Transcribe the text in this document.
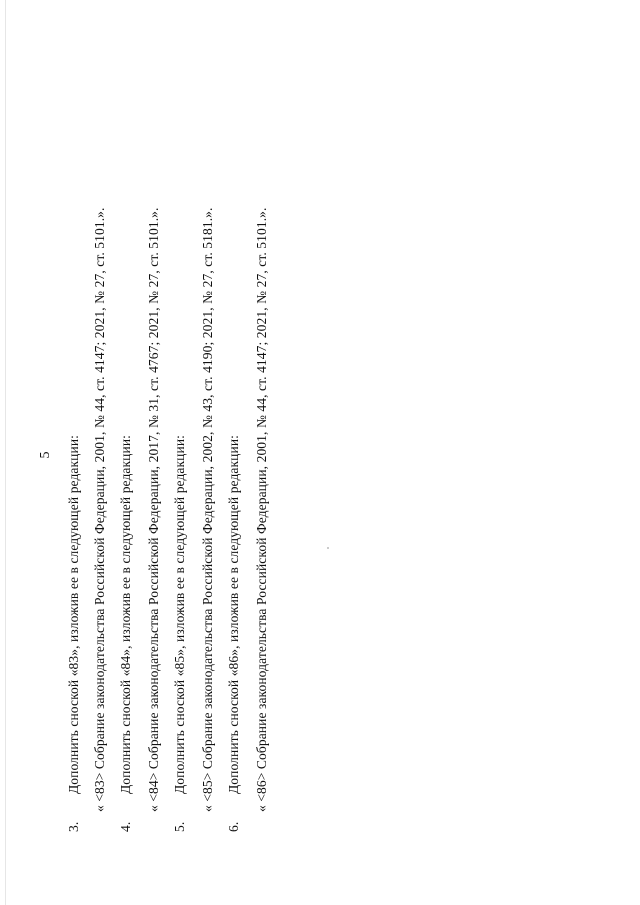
5
3.Дополнить сноской «83», изложив ее в следующей редакции: « <83> Собрание законодательства Российской Федерации, 2001, № 44, ст. 4147; 2021, № 27, ст. 5101.».
4.Дополнить сноской «84», изложив ее в следующей редакции: « <84> Собрание законодательства Российской Федерации, 2017, № 31, ст. 4767; 2021, № 27, ст. 5101.».
5.Дополнить сноской «85», изложив ее в следующей редакции: « <85> Собрание законодательства Российской Федерации, 2002, № 43, ст. 4190; 2021, № 27, ст. 5181.».
6.Дополнить сноской «86», изложив ее в следующей редакции: « <86> Собрание законодательства Российской Федерации, 2001, № 44, ст. 4147; 2021, № 27, ст. 5101.».
